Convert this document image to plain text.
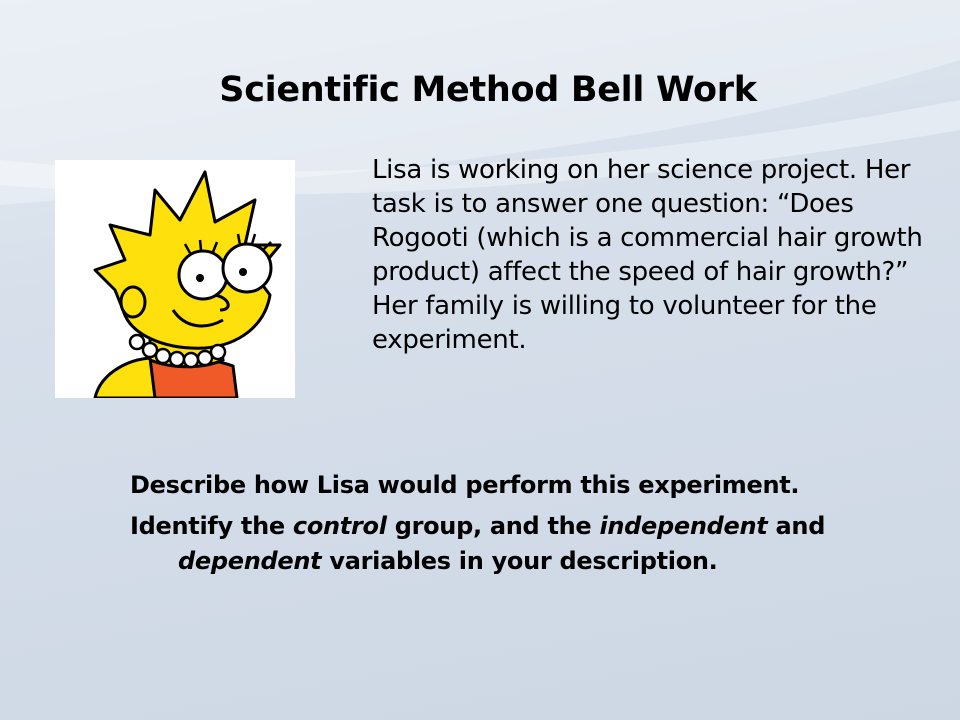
Scientific Method Bell Work

Lisa is working on her science project. Her task is to answer one question: “Does Rogooti (which is a commercial hair growth product) affect the speed of hair growth?” Her family is willing to volunteer for the experiment.

Describe how Lisa would perform this experiment.
Identify the control group, and the independent and dependent variables in your description.
